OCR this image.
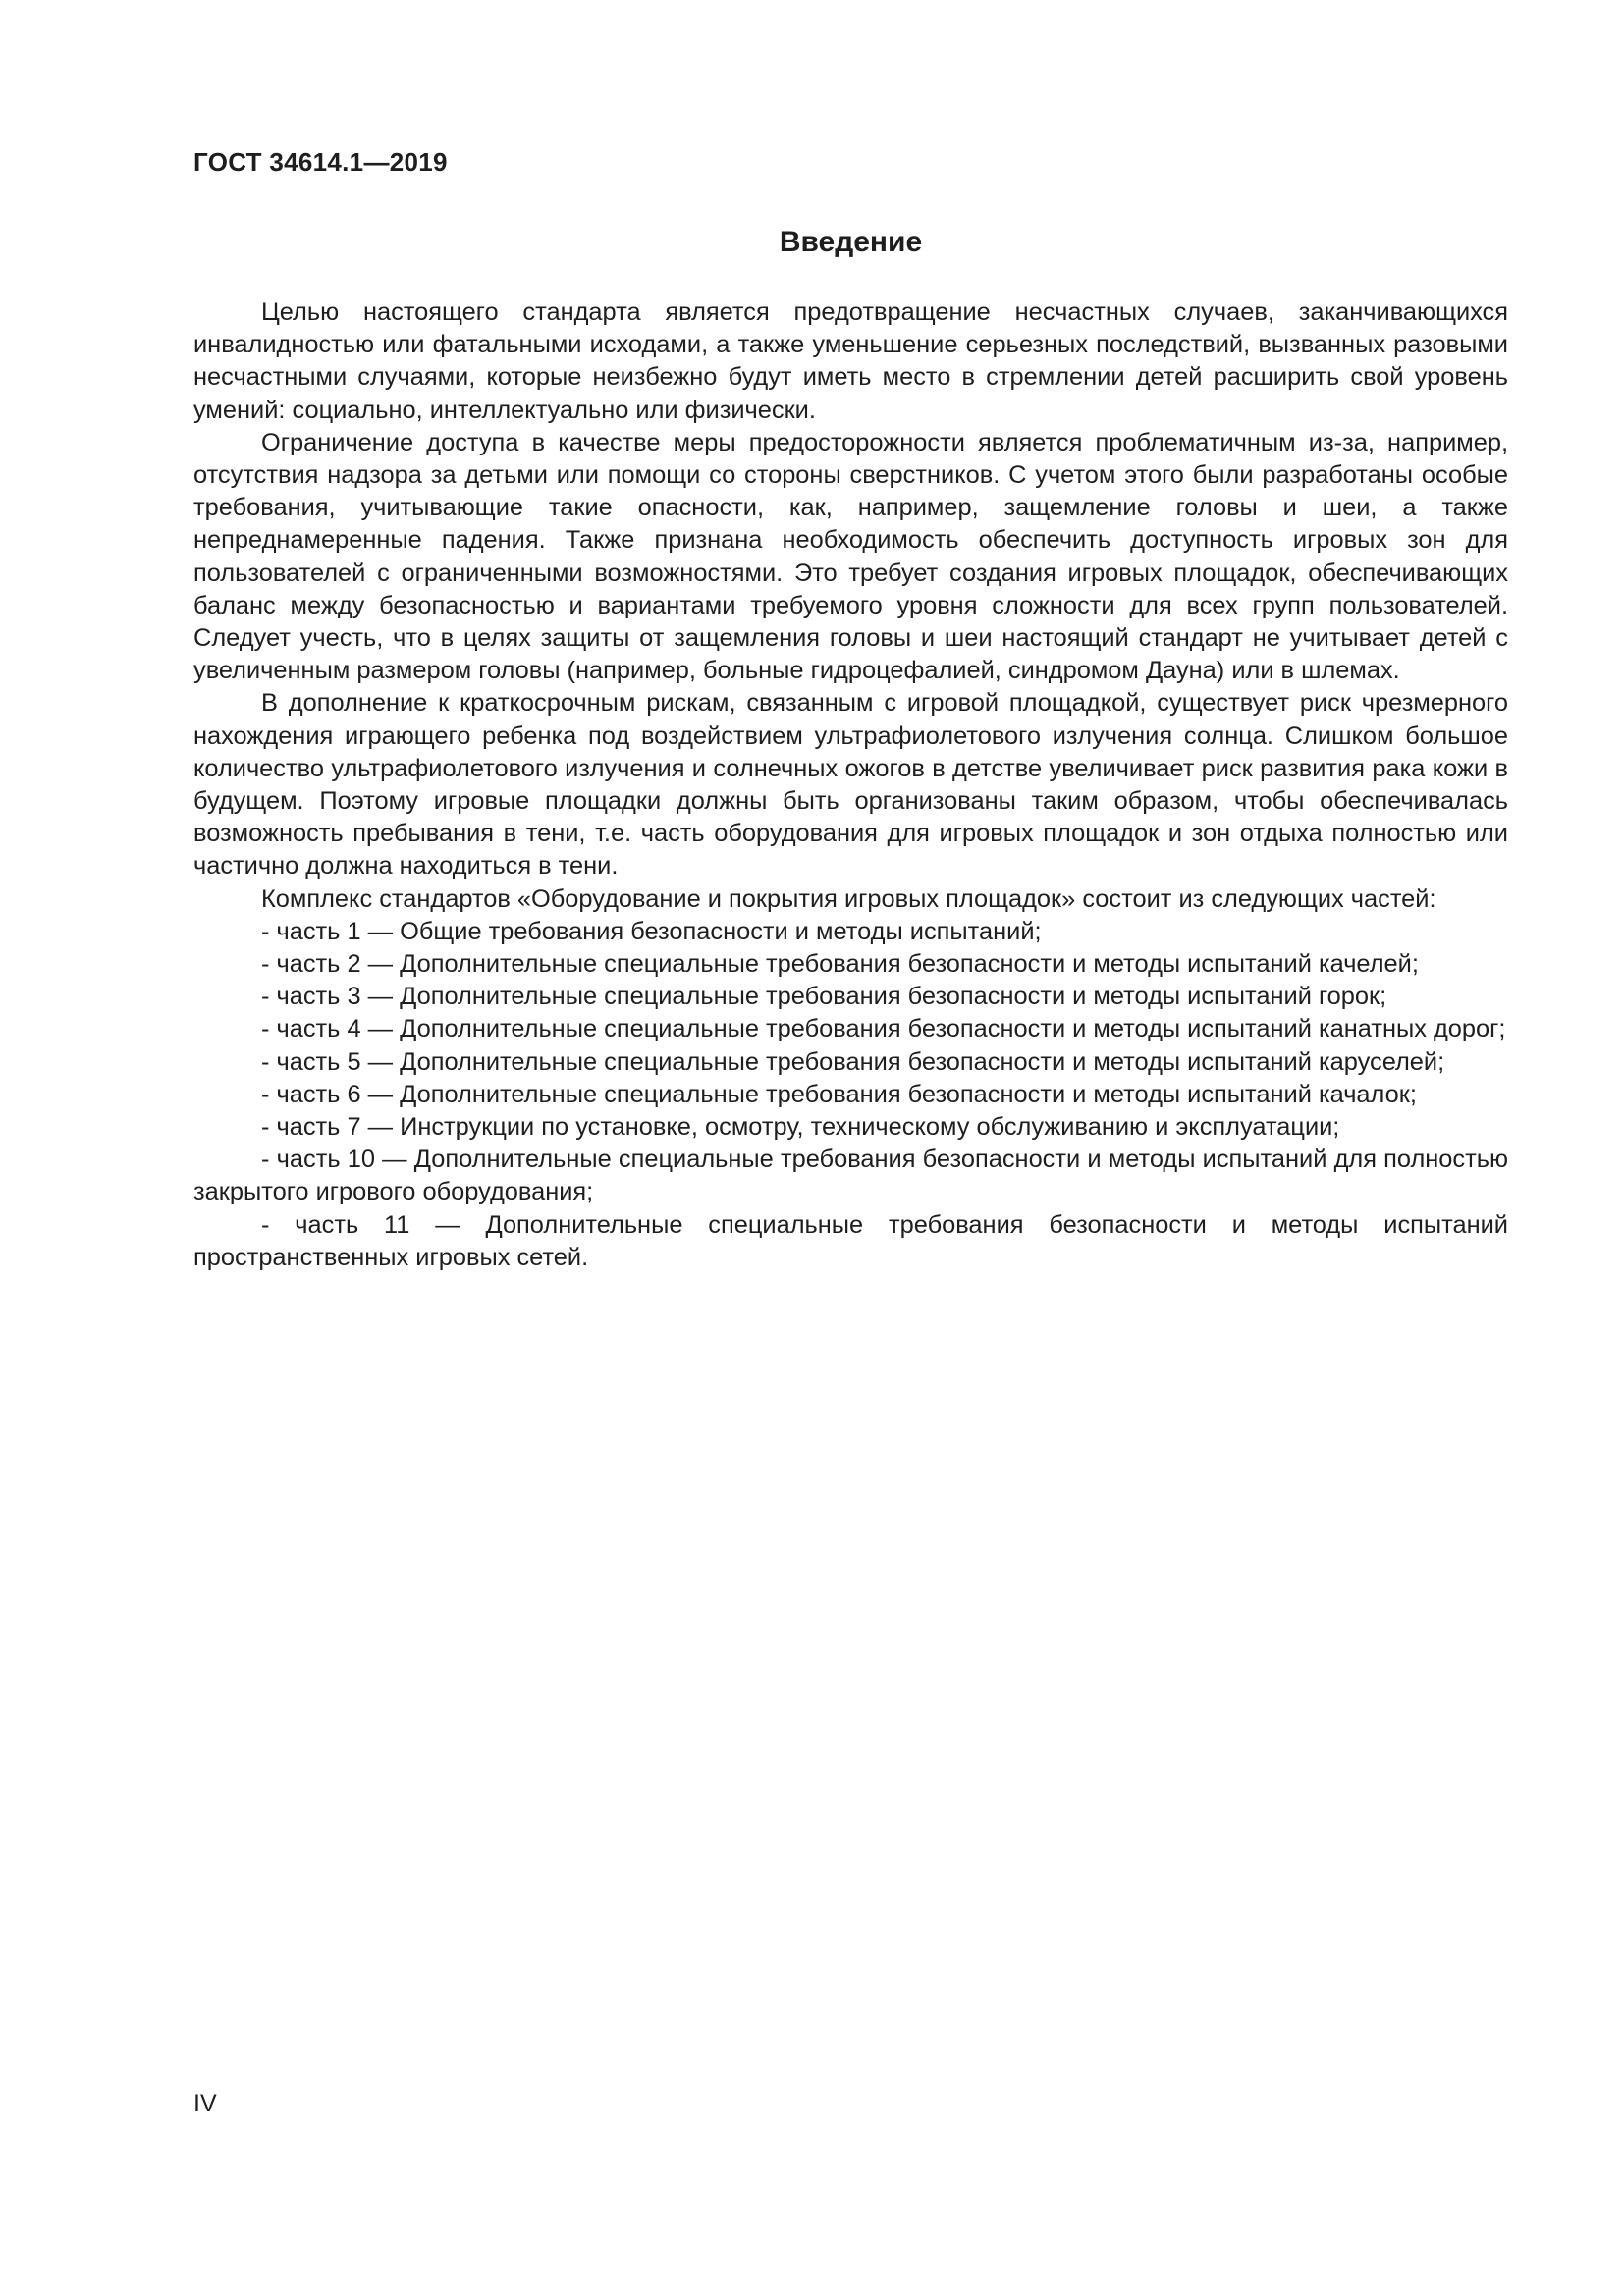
ГОСТ 34614.1—2019
Введение

Целью настоящего стандарта является предотвращение несчастных случаев, заканчивающихся инвалидностью или фатальными исходами, а также уменьшение серьезных последствий, вызванных разовыми несчастными случаями, которые неизбежно будут иметь место в стремлении детей расширить свой уровень умений: социально, интеллектуально или физически.

Ограничение доступа в качестве меры предосторожности является проблематичным из-за, например, отсутствия надзора за детьми или помощи со стороны сверстников. С учетом этого были разработаны особые требования, учитывающие такие опасности, как, например, защемление головы и шеи, а также непреднамеренные падения. Также признана необходимость обеспечить доступность игровых зон для пользователей с ограниченными возможностями. Это требует создания игровых площадок, обеспечивающих баланс между безопасностью и вариантами требуемого уровня сложности для всех групп пользователей. Следует учесть, что в целях защиты от защемления головы и шеи настоящий стандарт не учитывает детей с увеличенным размером головы (например, больные гидроцефалией, синдромом Дауна) или в шлемах.

В дополнение к краткосрочным рискам, связанным с игровой площадкой, существует риск чрезмерного нахождения играющего ребенка под воздействием ультрафиолетового излучения солнца. Слишком большое количество ультрафиолетового излучения и солнечных ожогов в детстве увеличивает риск развития рака кожи в будущем. Поэтому игровые площадки должны быть организованы таким образом, чтобы обеспечивалась возможность пребывания в тени, т.е. часть оборудования для игровых площадок и зон отдыха полностью или частично должна находиться в тени.

Комплекс стандартов «Оборудование и покрытия игровых площадок» состоит из следующих частей:

- часть 1 — Общие требования безопасности и методы испытаний;

- часть 2 — Дополнительные специальные требования безопасности и методы испытаний качелей;

- часть 3 — Дополнительные специальные требования безопасности и методы испытаний горок;

- часть 4 — Дополнительные специальные требования безопасности и методы испытаний канатных дорог;

- часть 5 — Дополнительные специальные требования безопасности и методы испытаний каруселей;

- часть 6 — Дополнительные специальные требования безопасности и методы испытаний качалок;

- часть 7 — Инструкции по установке, осмотру, техническому обслуживанию и эксплуатации;

- часть 10 — Дополнительные специальные требования безопасности и методы испытаний для полностью закрытого игрового оборудования;

- часть 11 — Дополнительные специальные требования безопасности и методы испытаний пространственных игровых сетей.

IV
